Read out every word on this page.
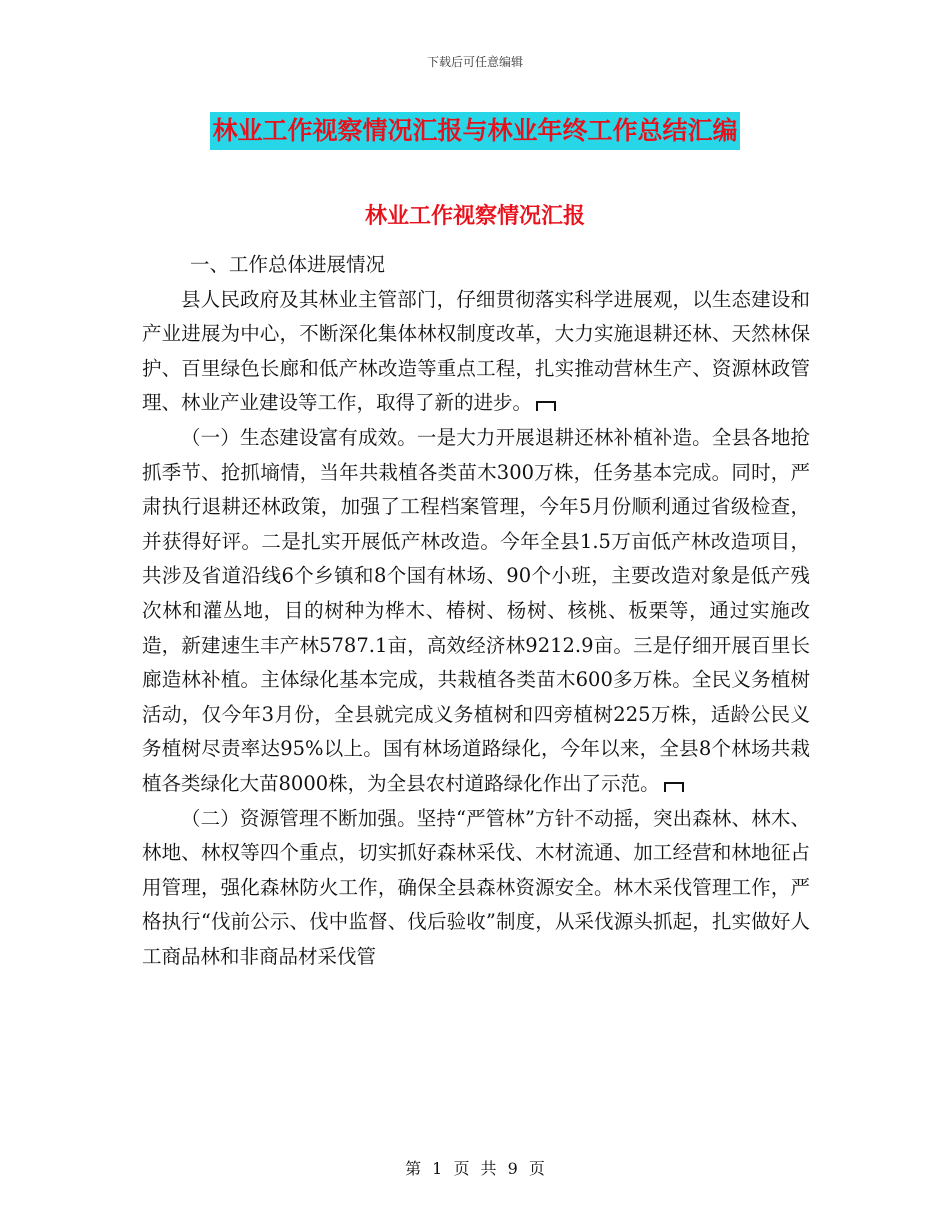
下载后可任意编辑
林业工作视察情况汇报与林业年终工作总结汇编
林业工作视察情况汇报

一、工作总体进展情况

县人民政府及其林业主管部门，仔细贯彻落实科学进展观，以生态建设和产业进展为中心，不断深化集体林权制度改革，大力实施退耕还林、天然林保护、百里绿色长廊和低产林改造等重点工程，扎实推动营林生产、资源林政管理、林业产业建设等工作，取得了新的进步。

（一）生态建设富有成效。一是大力开展退耕还林补植补造。全县各地抢抓季节、抢抓墒情，当年共栽植各类苗木300万株，任务基本完成。同时，严肃执行退耕还林政策，加强了工程档案管理，今年5月份顺利通过省级检查，并获得好评。二是扎实开展低产林改造。今年全县1.5万亩低产林改造项目，共涉及省道沿线6个乡镇和8个国有林场、90个小班，主要改造对象是低产残次林和灌丛地，目的树种为桦木、椿树、杨树、核桃、板栗等，通过实施改造，新建速生丰产林5787.1亩，高效经济林9212.9亩。三是仔细开展百里长廊造林补植。主体绿化基本完成，共栽植各类苗木600多万株。全民义务植树活动，仅今年3月份，全县就完成义务植树和四旁植树225万株，适龄公民义务植树尽责率达95%以上。国有林场道路绿化，今年以来，全县8个林场共栽植各类绿化大苗8000株，为全县农村道路绿化作出了示范。

（二）资源管理不断加强。坚持“严管林”方针不动摇，突出森林、林木、林地、林权等四个重点，切实抓好森林采伐、木材流通、加工经营和林地征占用管理，强化森林防火工作，确保全县森林资源安全。林木采伐管理工作，严格执行“伐前公示、伐中监督、伐后验收”制度，从采伐源头抓起，扎实做好人工商品林和非商品材采伐管

第 1 页 共 9 页
